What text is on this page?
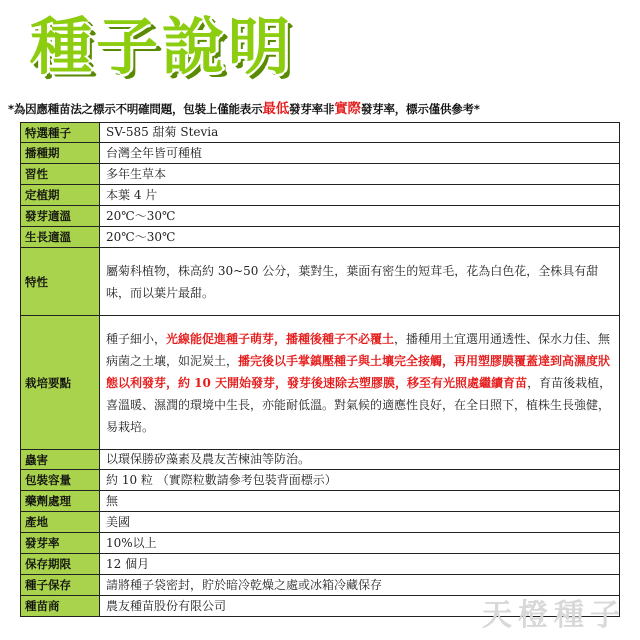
種子說明
*為因應種苗法之標示不明確問題，包裝上僅能表示最低發芽率非實際發芽率，標示僅供參考*
特選種子	SV-585 甜菊 Stevia
播種期	台灣全年皆可種植
習性	多年生草本
定植期	本葉 4 片
發芽適溫	20℃～30℃
生長適溫	20℃～30℃
特性	屬菊科植物，株高約 30~50 公分，葉對生，葉面有密生的短茸毛，花為白色花，全株具有甜味，而以葉片最甜。

栽培要點	種子細小，光線能促進種子萌芽，播種後種子不必覆土，播種用土宜選用通透性、保水力佳、無病菌之土壤，如泥炭土，播完後以手掌鎮壓種子與土壤完全接觸，再用塑膠膜覆蓋達到高濕度狀態以利發芽，約 10 天開始發芽，發芽後速除去塑膠膜，移至有光照處繼續育苗，育苗後栽植，喜溫暖、濕潤的環境中生長，亦能耐低溫。對氣候的適應性良好，在全日照下，植株生長強健，易栽培。

蟲害	以環保勝矽藻素及農友苦楝油等防治。
包裝容量	約 10 粒 （實際粒數請參考包裝背面標示）
藥劑處理	無
產地	美國
發芽率	10%以上
保存期限	12 個月
種子保存	請將種子袋密封，貯於暗冷乾燥之處或冰箱冷藏保存
種苗商	農友種苗股份有限公司	天橙種子
